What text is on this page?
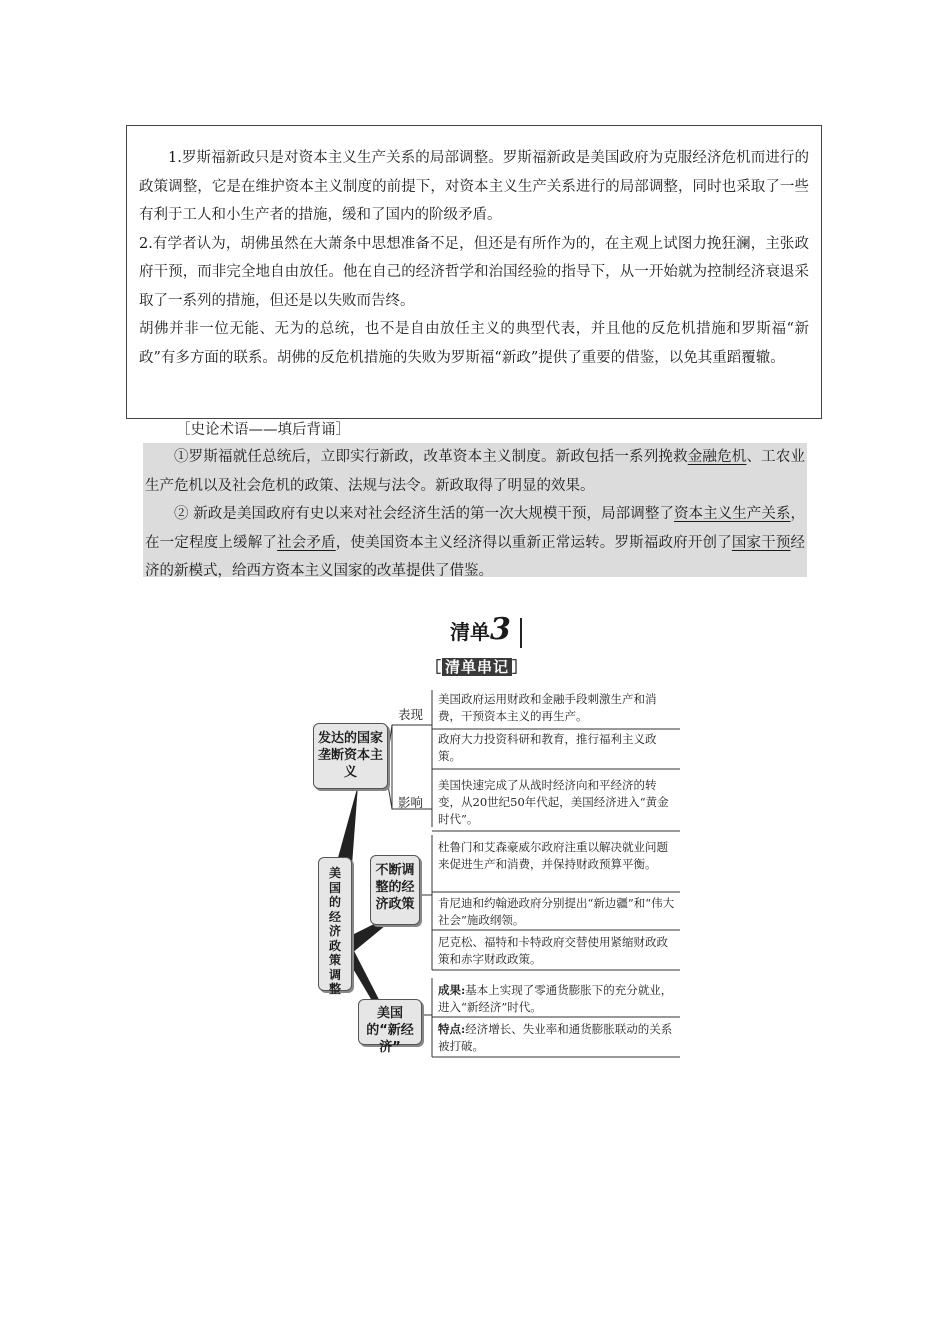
1.罗斯福新政只是对资本主义生产关系的局部调整。罗斯福新政是美国政府为克服经济危机而进行的政策调整，它是在维护资本主义制度的前提下，对资本主义生产关系进行的局部调整，同时也采取了一些有利于工人和小生产者的措施，缓和了国内的阶级矛盾。

2.有学者认为，胡佛虽然在大萧条中思想准备不足，但还是有所作为的，在主观上试图力挽狂澜，主张政府干预，而非完全地自由放任。他在自己的经济哲学和治国经验的指导下，从一开始就为控制经济衰退采取了一系列的措施，但还是以失败而告终。

胡佛并非一位无能、无为的总统，也不是自由放任主义的典型代表，并且他的反危机措施和罗斯福“新政”有多方面的联系。胡佛的反危机措施的失败为罗斯福“新政”提供了重要的借鉴，以免其重蹈覆辙。

［史论术语——填后背诵］

①罗斯福就任总统后，立即实行新政，改革资本主义制度。新政包括一系列挽救金融危机、工农业生产危机以及社会危机的政策、法规与法令。新政取得了明显的效果。

② 新政是美国政府有史以来对社会经济生活的第一次大规模干预，局部调整了资本主义生产关系，在一定程度上缓解了社会矛盾，使美国资本主义经济得以重新正常运转。罗斯福政府开创了国家干预经济的新模式，给西方资本主义国家的改革提供了借鉴。

清单3
［ 清单串记 ］
发达的国家垄断资本主义
美国的经济政策调整
不断调整的经济政策
美国的“新经济”
表现
影响
美国政府运用财政和金融手段刺激生产和消费，干预资本主义的再生产。
政府大力投资科研和教育，推行福利主义政策。
美国快速完成了从战时经济向和平经济的转变，从20世纪50年代起，美国经济进入“黄金时代”。
杜鲁门和艾森豪威尔政府注重以解决就业问题来促进生产和消费，并保持财政预算平衡。
肯尼迪和约翰逊政府分别提出“新边疆”和“伟大社会”施政纲领。
尼克松、福特和卡特政府交替使用紧缩财政政策和赤字财政政策。
成果:基本上实现了零通货膨胀下的充分就业，进入“新经济”时代。
特点:经济增长、失业率和通货膨胀联动的关系被打破。
